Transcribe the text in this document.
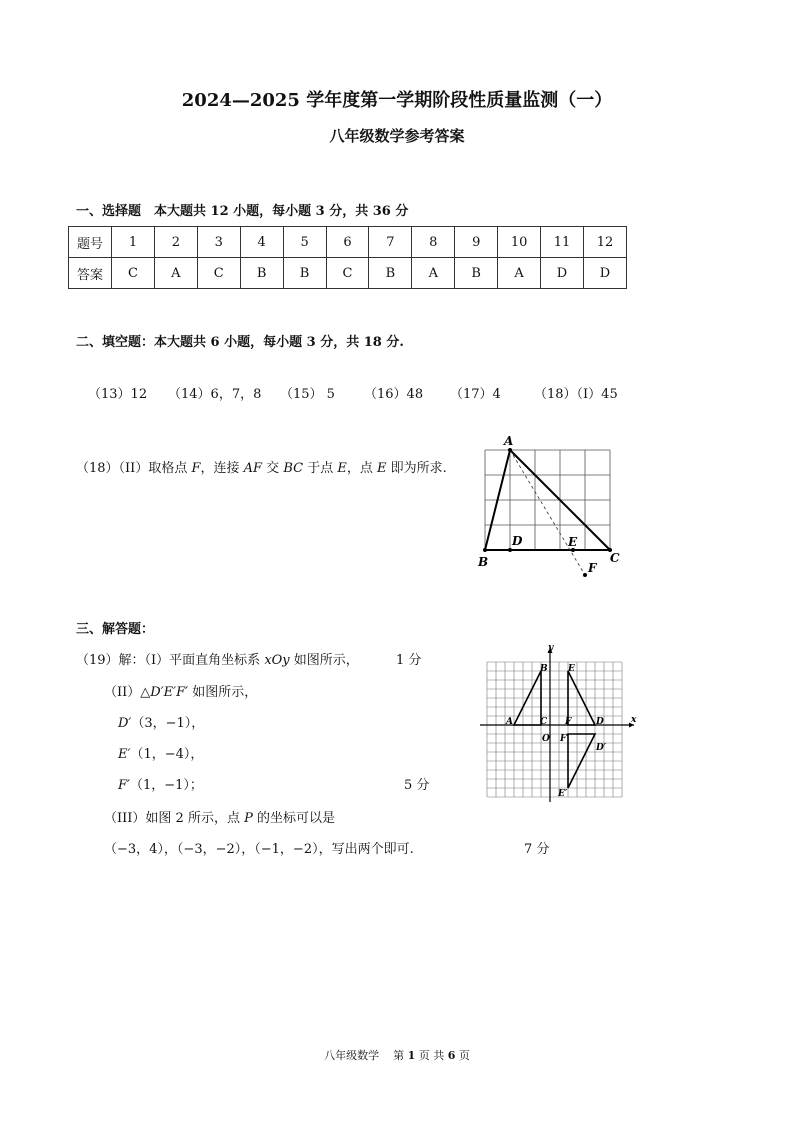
2024—2025 学年度第一学期阶段性质量监测（一）
八年级数学参考答案
一、选择题　本大题共 12 小题，每小题 3 分，共 36 分
题号	1	2	3	4	5	6	7	8	9	10	11	12
答案	C	A	C	B	B	C	B	A	B	A	D	D
二、填空题：本大题共 6 小题，每小题 3 分，共 18 分.
（13）12 （14）6，7，8 （15） 5 （16）48 （17）4	（18）（I）45
（18）（II）取格点 F，连接 AF 交 BC 于点 E，点 E 即为所求.
A
B	C
D	E
F
三、解答题：
（19）解：（I）平面直角坐标系 xOy 如图所示，	1 分
（II）△D′E′F′ 如图所示，
D′（3，−1），
E′（1，−4），
F′（1，−1）；	5 分
（III）如图 2 所示，点 P 的坐标可以是
（−3，4），（−3，−2），（−1，−2），写出两个即可.	7 分
x
y
O
A
B
C	D
E
F
D′
E′
F′
八年级数学 第 1 页 共 6 页
